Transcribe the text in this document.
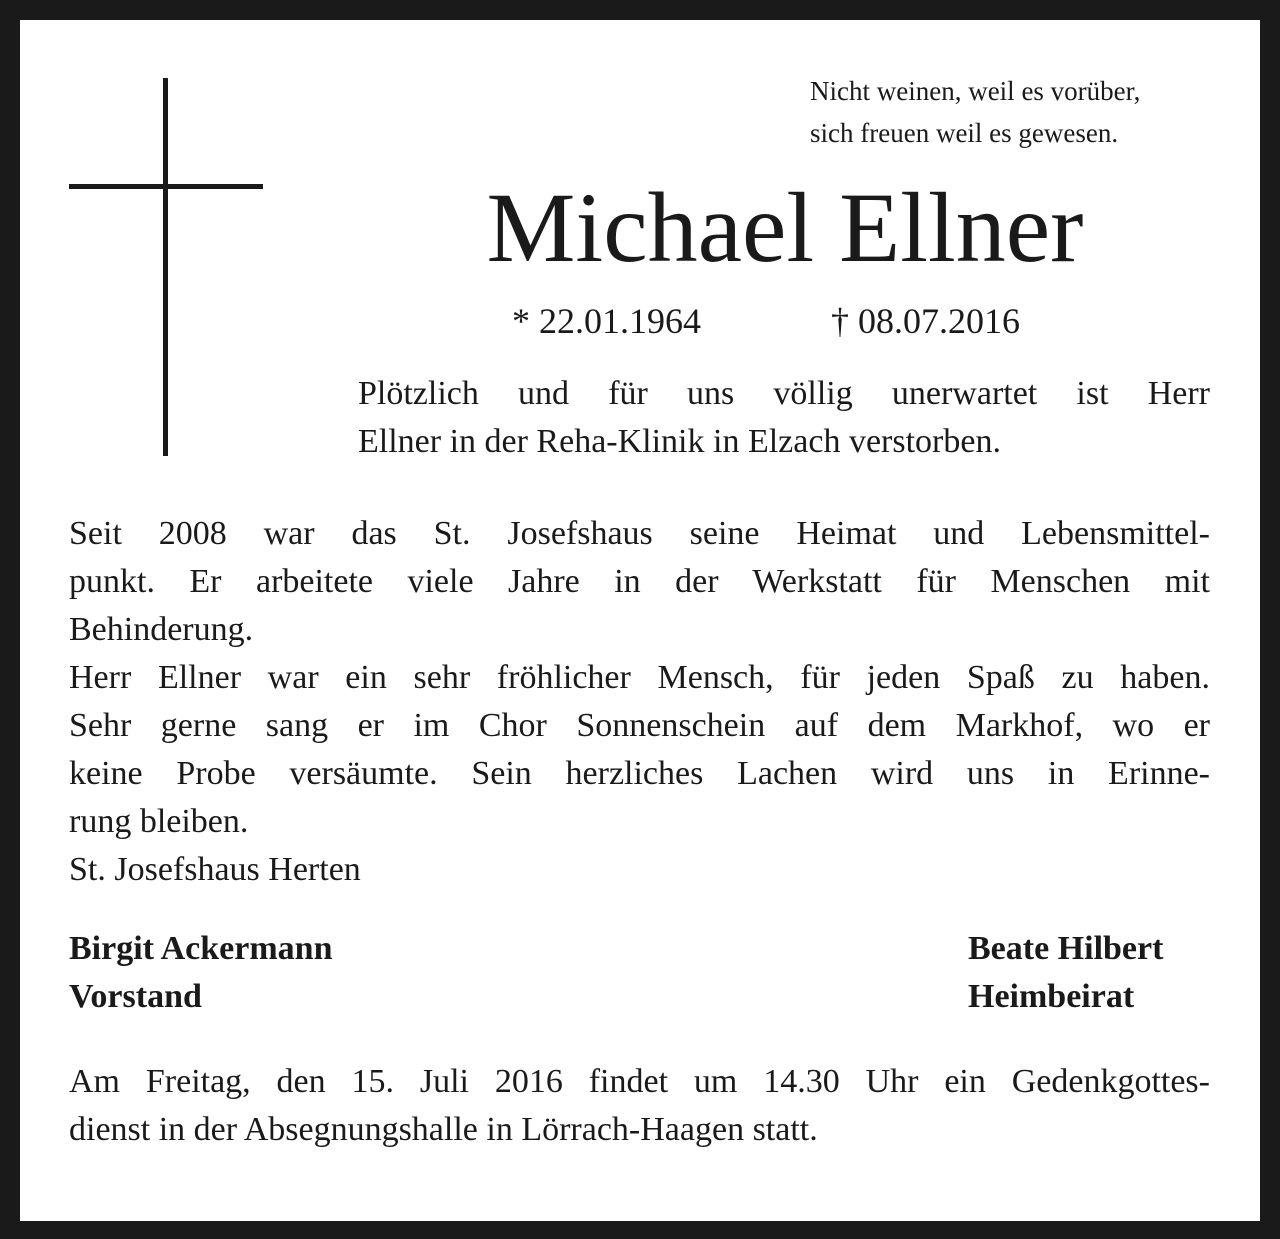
Nicht weinen, weil es vorüber,
sich freuen weil es gewesen.

Michael Ellner
* 22.01.1964	† 08.07.2016

Plötzlich und für uns völlig unerwartet ist Herr
Ellner in der Reha-Klinik in Elzach verstorben.

Seit 2008 war das St. Josefshaus seine Heimat und Lebensmittel-
punkt. Er arbeitete viele Jahre in der Werkstatt für Menschen mit
Behinderung.
Herr Ellner war ein sehr fröhlicher Mensch, für jeden Spaß zu haben.
Sehr gerne sang er im Chor Sonnenschein auf dem Markhof, wo er
keine Probe versäumte. Sein herzliches Lachen wird uns in Erinne-
rung bleiben.
St. Josefshaus Herten

Birgit Ackermann
Vorstand
Beate Hilbert
Heimbeirat

Am Freitag, den 15. Juli 2016 findet um 14.30 Uhr ein Gedenkgottes-
dienst in der Absegnungshalle in Lörrach-Haagen statt.
